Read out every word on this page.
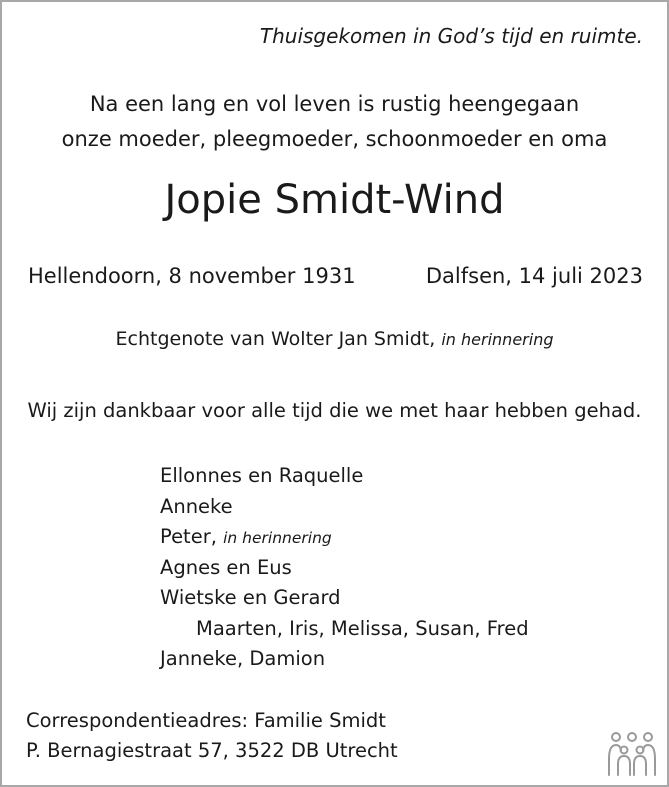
Thuisgekomen in God’s tijd en ruimte.
Na een lang en vol leven is rustig heengegaan
onze moeder, pleegmoeder, schoonmoeder en oma
Jopie Smidt-Wind
Hellendoorn, 8 november 1931	Dalfsen, 14 juli 2023
Echtgenote van Wolter Jan Smidt, in herinnering
Wij zijn dankbaar voor alle tijd die we met haar hebben gehad.
Ellonnes en Raquelle
Anneke
Peter, in herinnering
Agnes en Eus
Wietske en Gerard
Maarten, Iris, Melissa, Susan, Fred
Janneke, Damion
Correspondentieadres: Familie Smidt
P. Bernagiestraat 57, 3522 DB Utrecht
